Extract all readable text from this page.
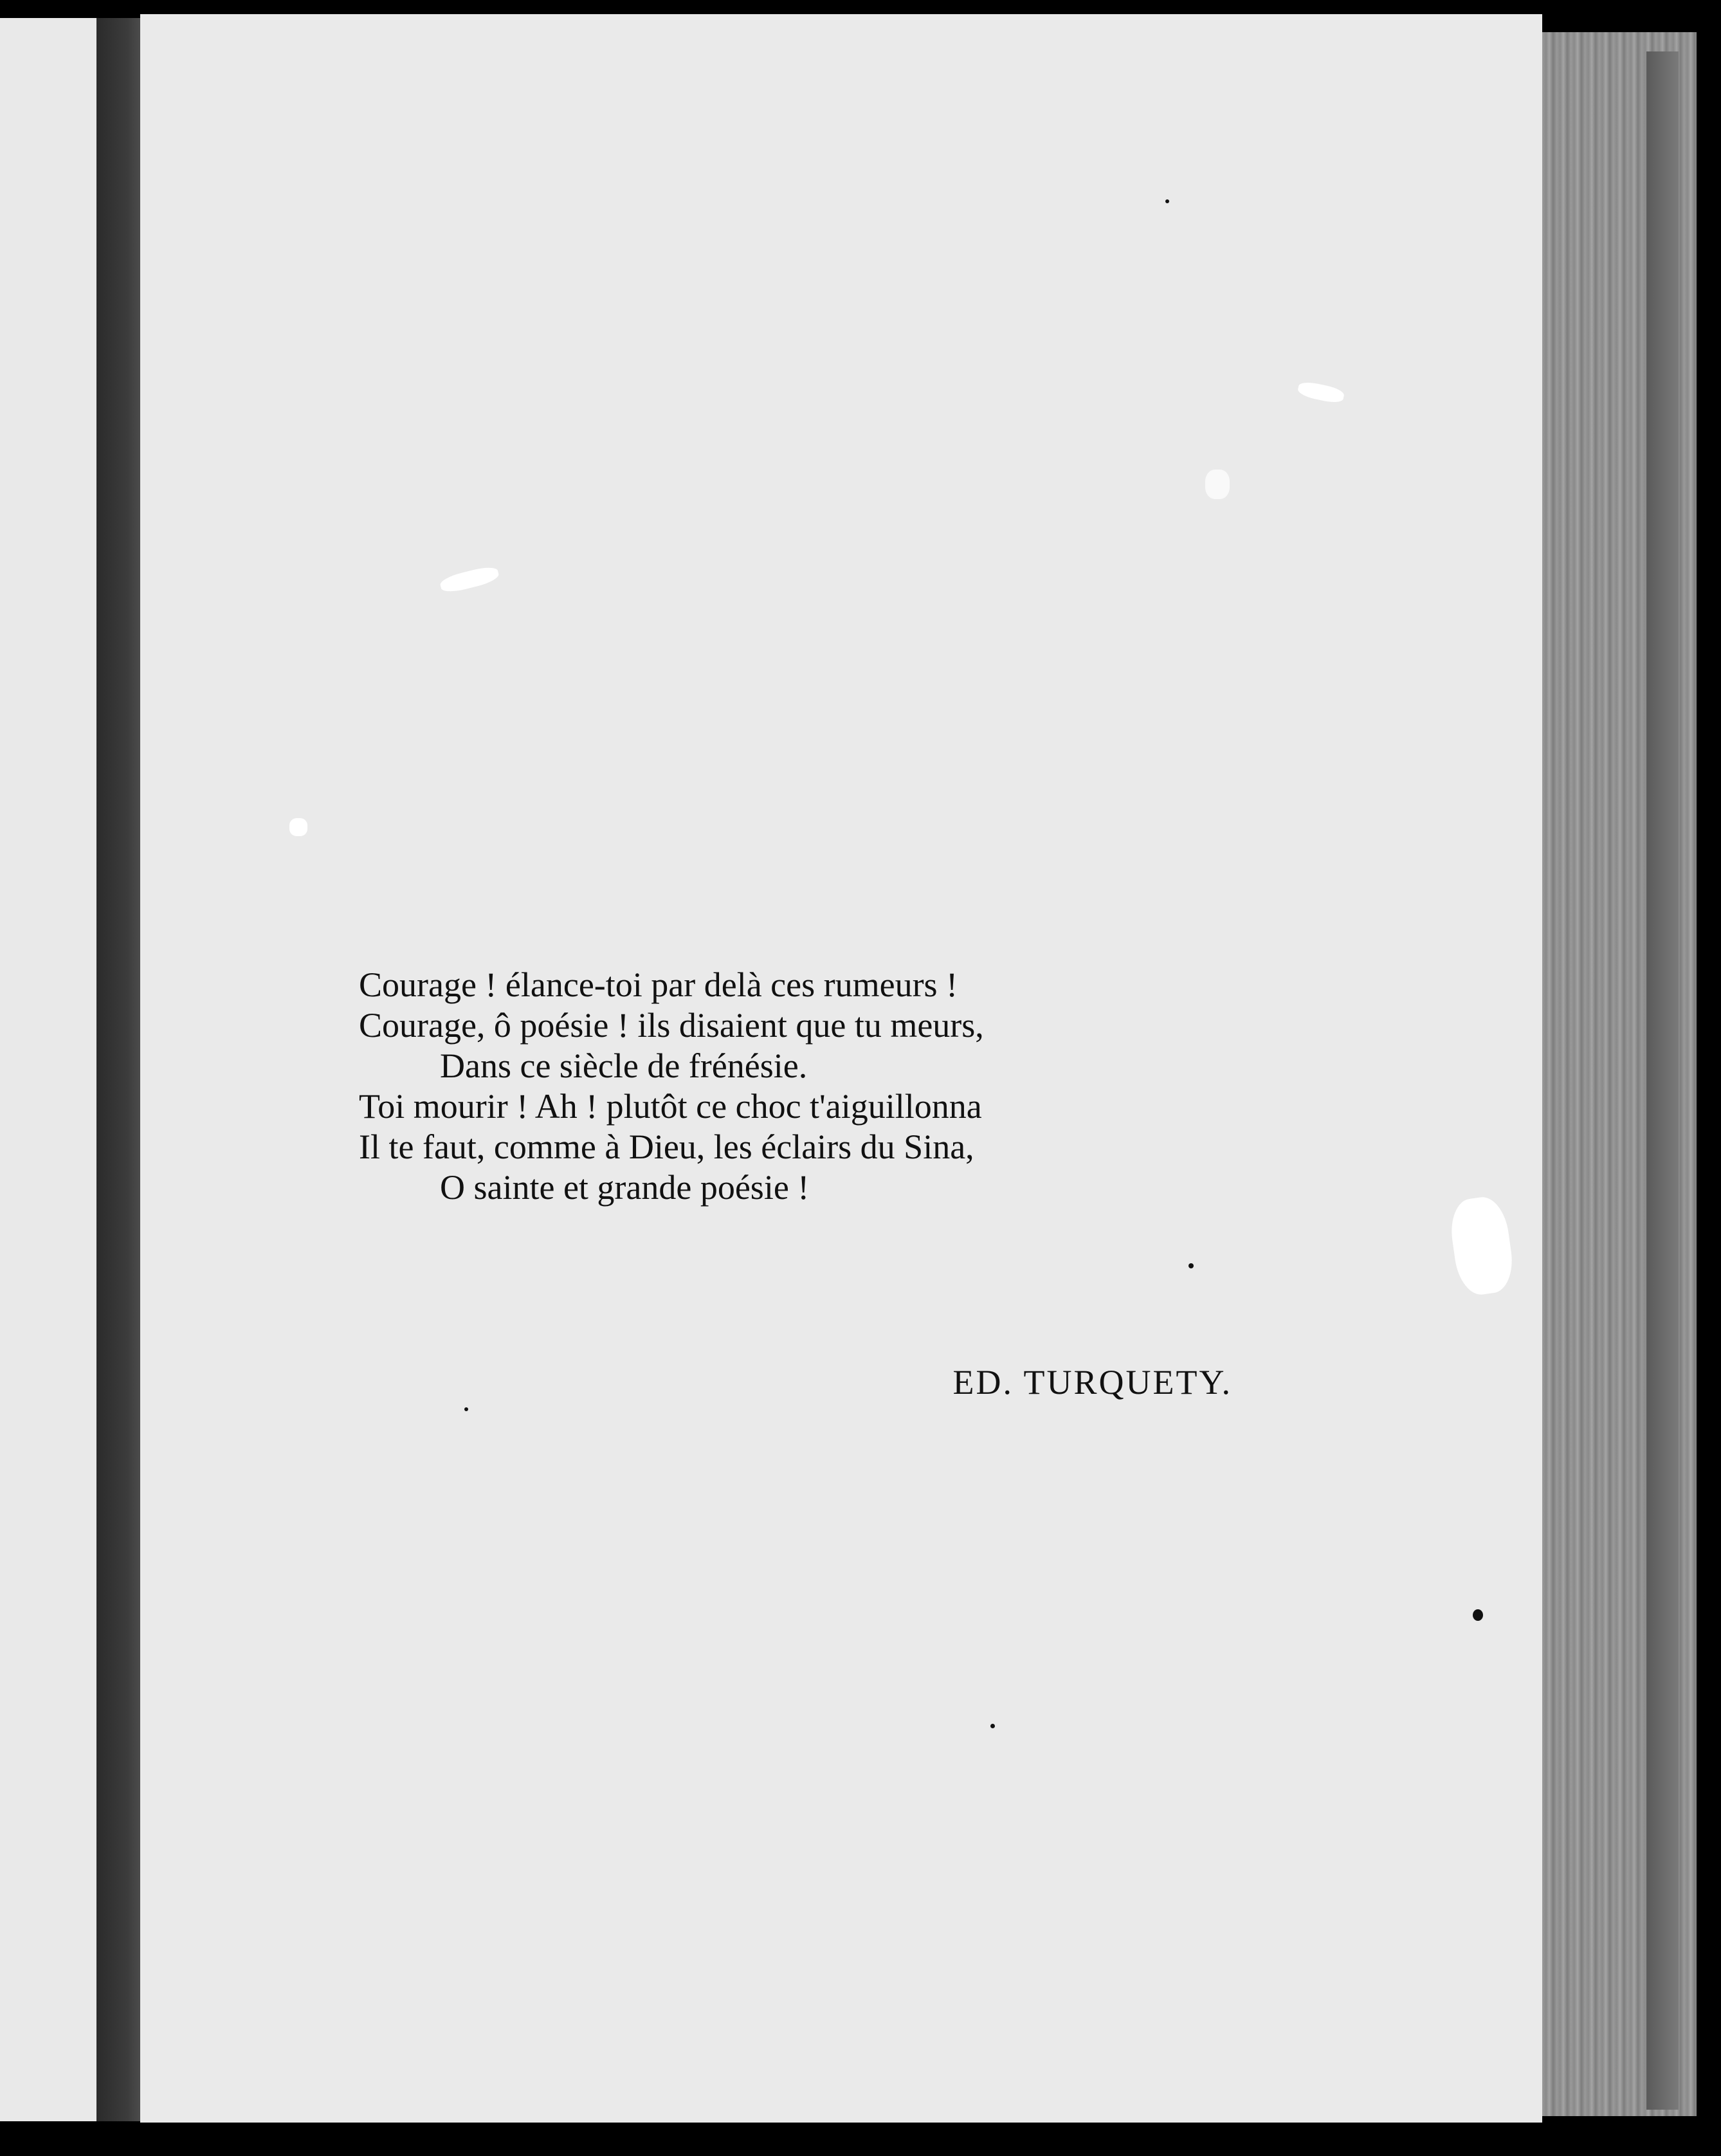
Courage ! élance-toi par delà ces rumeurs !
Courage, ô poésie ! ils disaient que tu meurs,
Dans ce siècle de frénésie.
Toi mourir ! Ah ! plutôt ce choc t'aiguillonna
Il te faut, comme à Dieu, les éclairs du Sina,
O sainte et grande poésie !
ED. TURQUETY.
